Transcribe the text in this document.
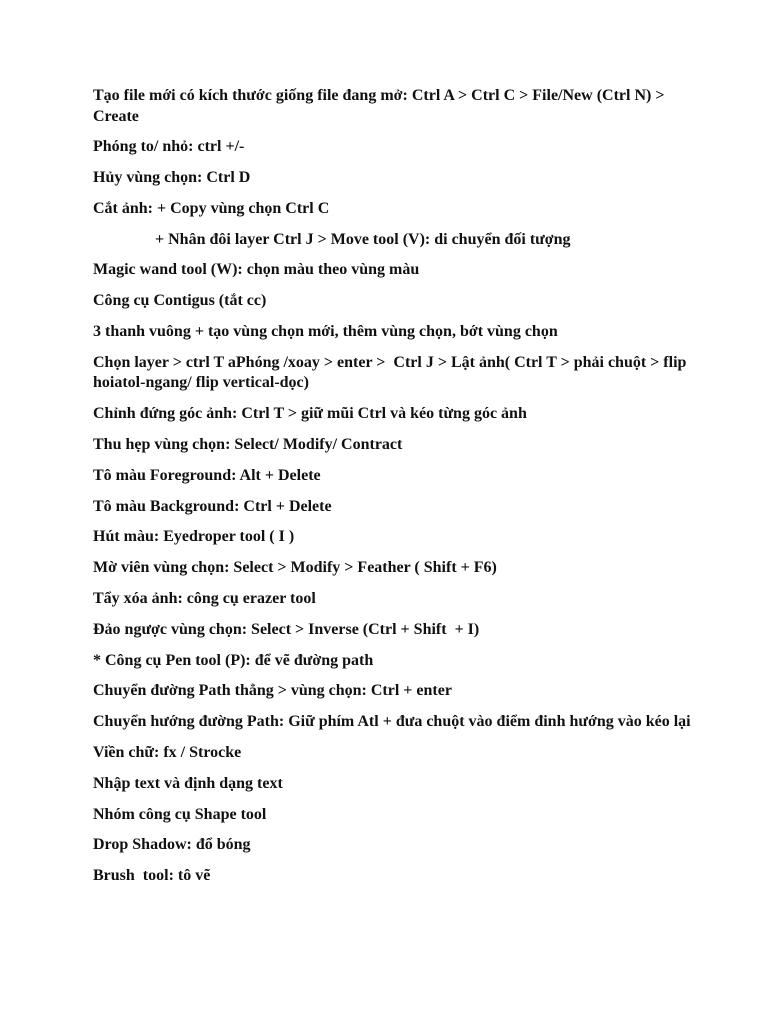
Tạo file mới có kích thước giống file đang mở: Ctrl A > Ctrl C > File/New (Ctrl N) > Create

Phóng to/ nhỏ: ctrl +/-

Hủy vùng chọn: Ctrl D

Cắt ảnh: + Copy vùng chọn Ctrl C

+ Nhân đôi layer Ctrl J > Move tool (V): di chuyển đối tượng

Magic wand tool (W): chọn màu theo vùng màu

Công cụ Contigus (tắt cc)

3 thanh vuông + tạo vùng chọn mới, thêm vùng chọn, bớt vùng chọn

Chọn layer > ctrl T aPhóng /xoay > enter >  Ctrl J > Lật ảnh( Ctrl T > phải chuột > flip hoiatol-ngang/ flip vertical-dọc)

Chỉnh đứng góc ảnh: Ctrl T > giữ mũi Ctrl và kéo từng góc ảnh

Thu hẹp vùng chọn: Select/ Modify/ Contract

Tô màu Foreground: Alt + Delete

Tô màu Background: Ctrl + Delete

Hút màu: Eyedroper tool ( I )

Mờ viên vùng chọn: Select > Modify > Feather ( Shift + F6)

Tẩy xóa ảnh: công cụ erazer tool

Đảo ngược vùng chọn: Select > Inverse (Ctrl + Shift  + I)

* Công cụ Pen tool (P): để vẽ đường path

Chuyển đường Path thẳng > vùng chọn: Ctrl + enter

Chuyển hướng đường Path: Giữ phím Atl + đưa chuột vào điểm đinh hướng vào kéo lại

Viền chữ: fx / Strocke

Nhập text và định dạng text

Nhóm công cụ Shape tool

Drop Shadow: đổ bóng

Brush  tool: tô vẽ
